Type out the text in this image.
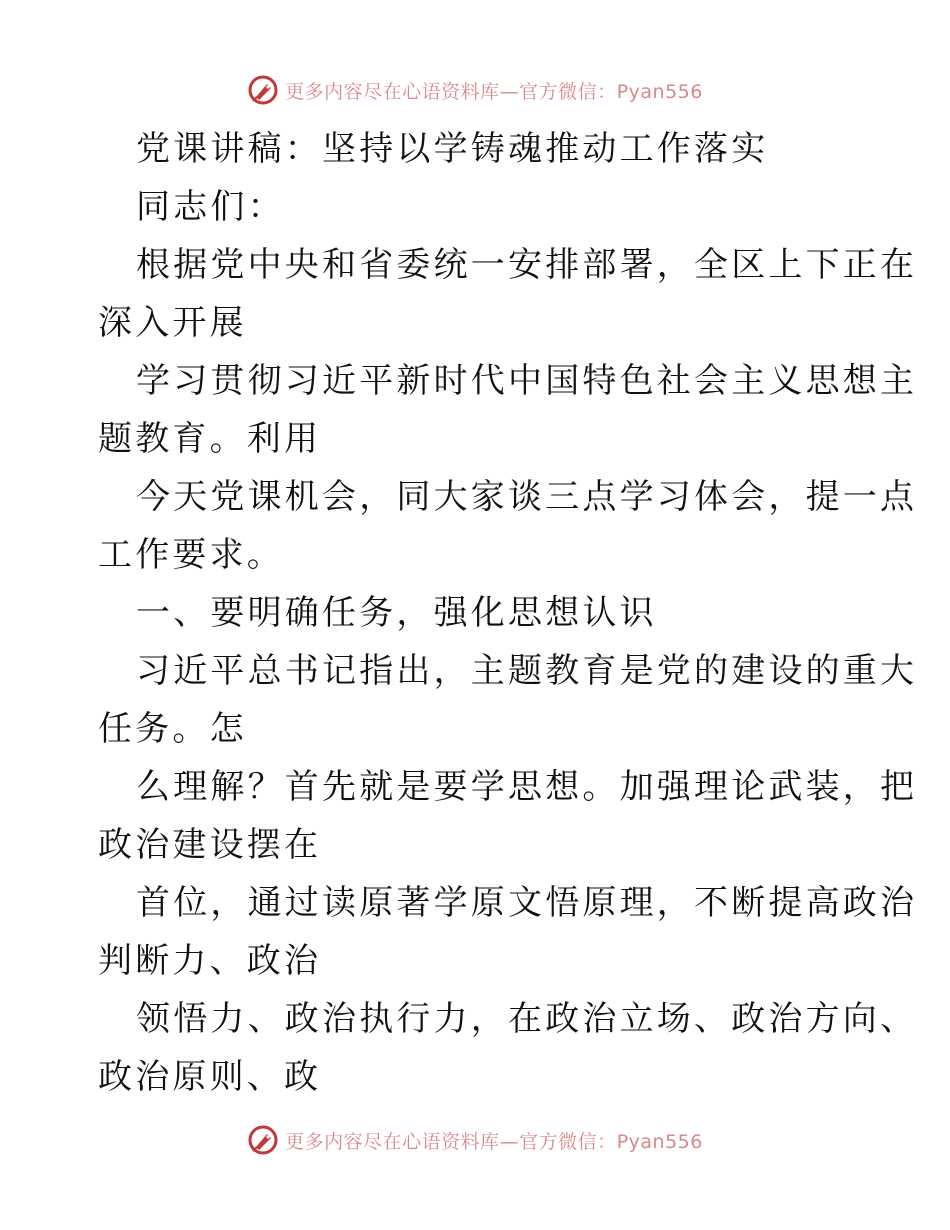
更多内容尽在心语资料库—官方微信：Pyan556
党课讲稿：坚持以学铸魂推动工作落实
同志们：
根据党中央和省委统一安排部署，全区上下正在
深入开展
学习贯彻习近平新时代中国特色社会主义思想主
题教育。利用
今天党课机会，同大家谈三点学习体会，提一点
工作要求。
一、要明确任务，强化思想认识
习近平总书记指出，主题教育是党的建设的重大
任务。怎
么理解？首先就是要学思想。加强理论武装，把
政治建设摆在
首位，通过读原著学原文悟原理，不断提高政治
判断力、政治
领悟力、政治执行力，在政治立场、政治方向、
政治原则、政
更多内容尽在心语资料库—官方微信：Pyan556
